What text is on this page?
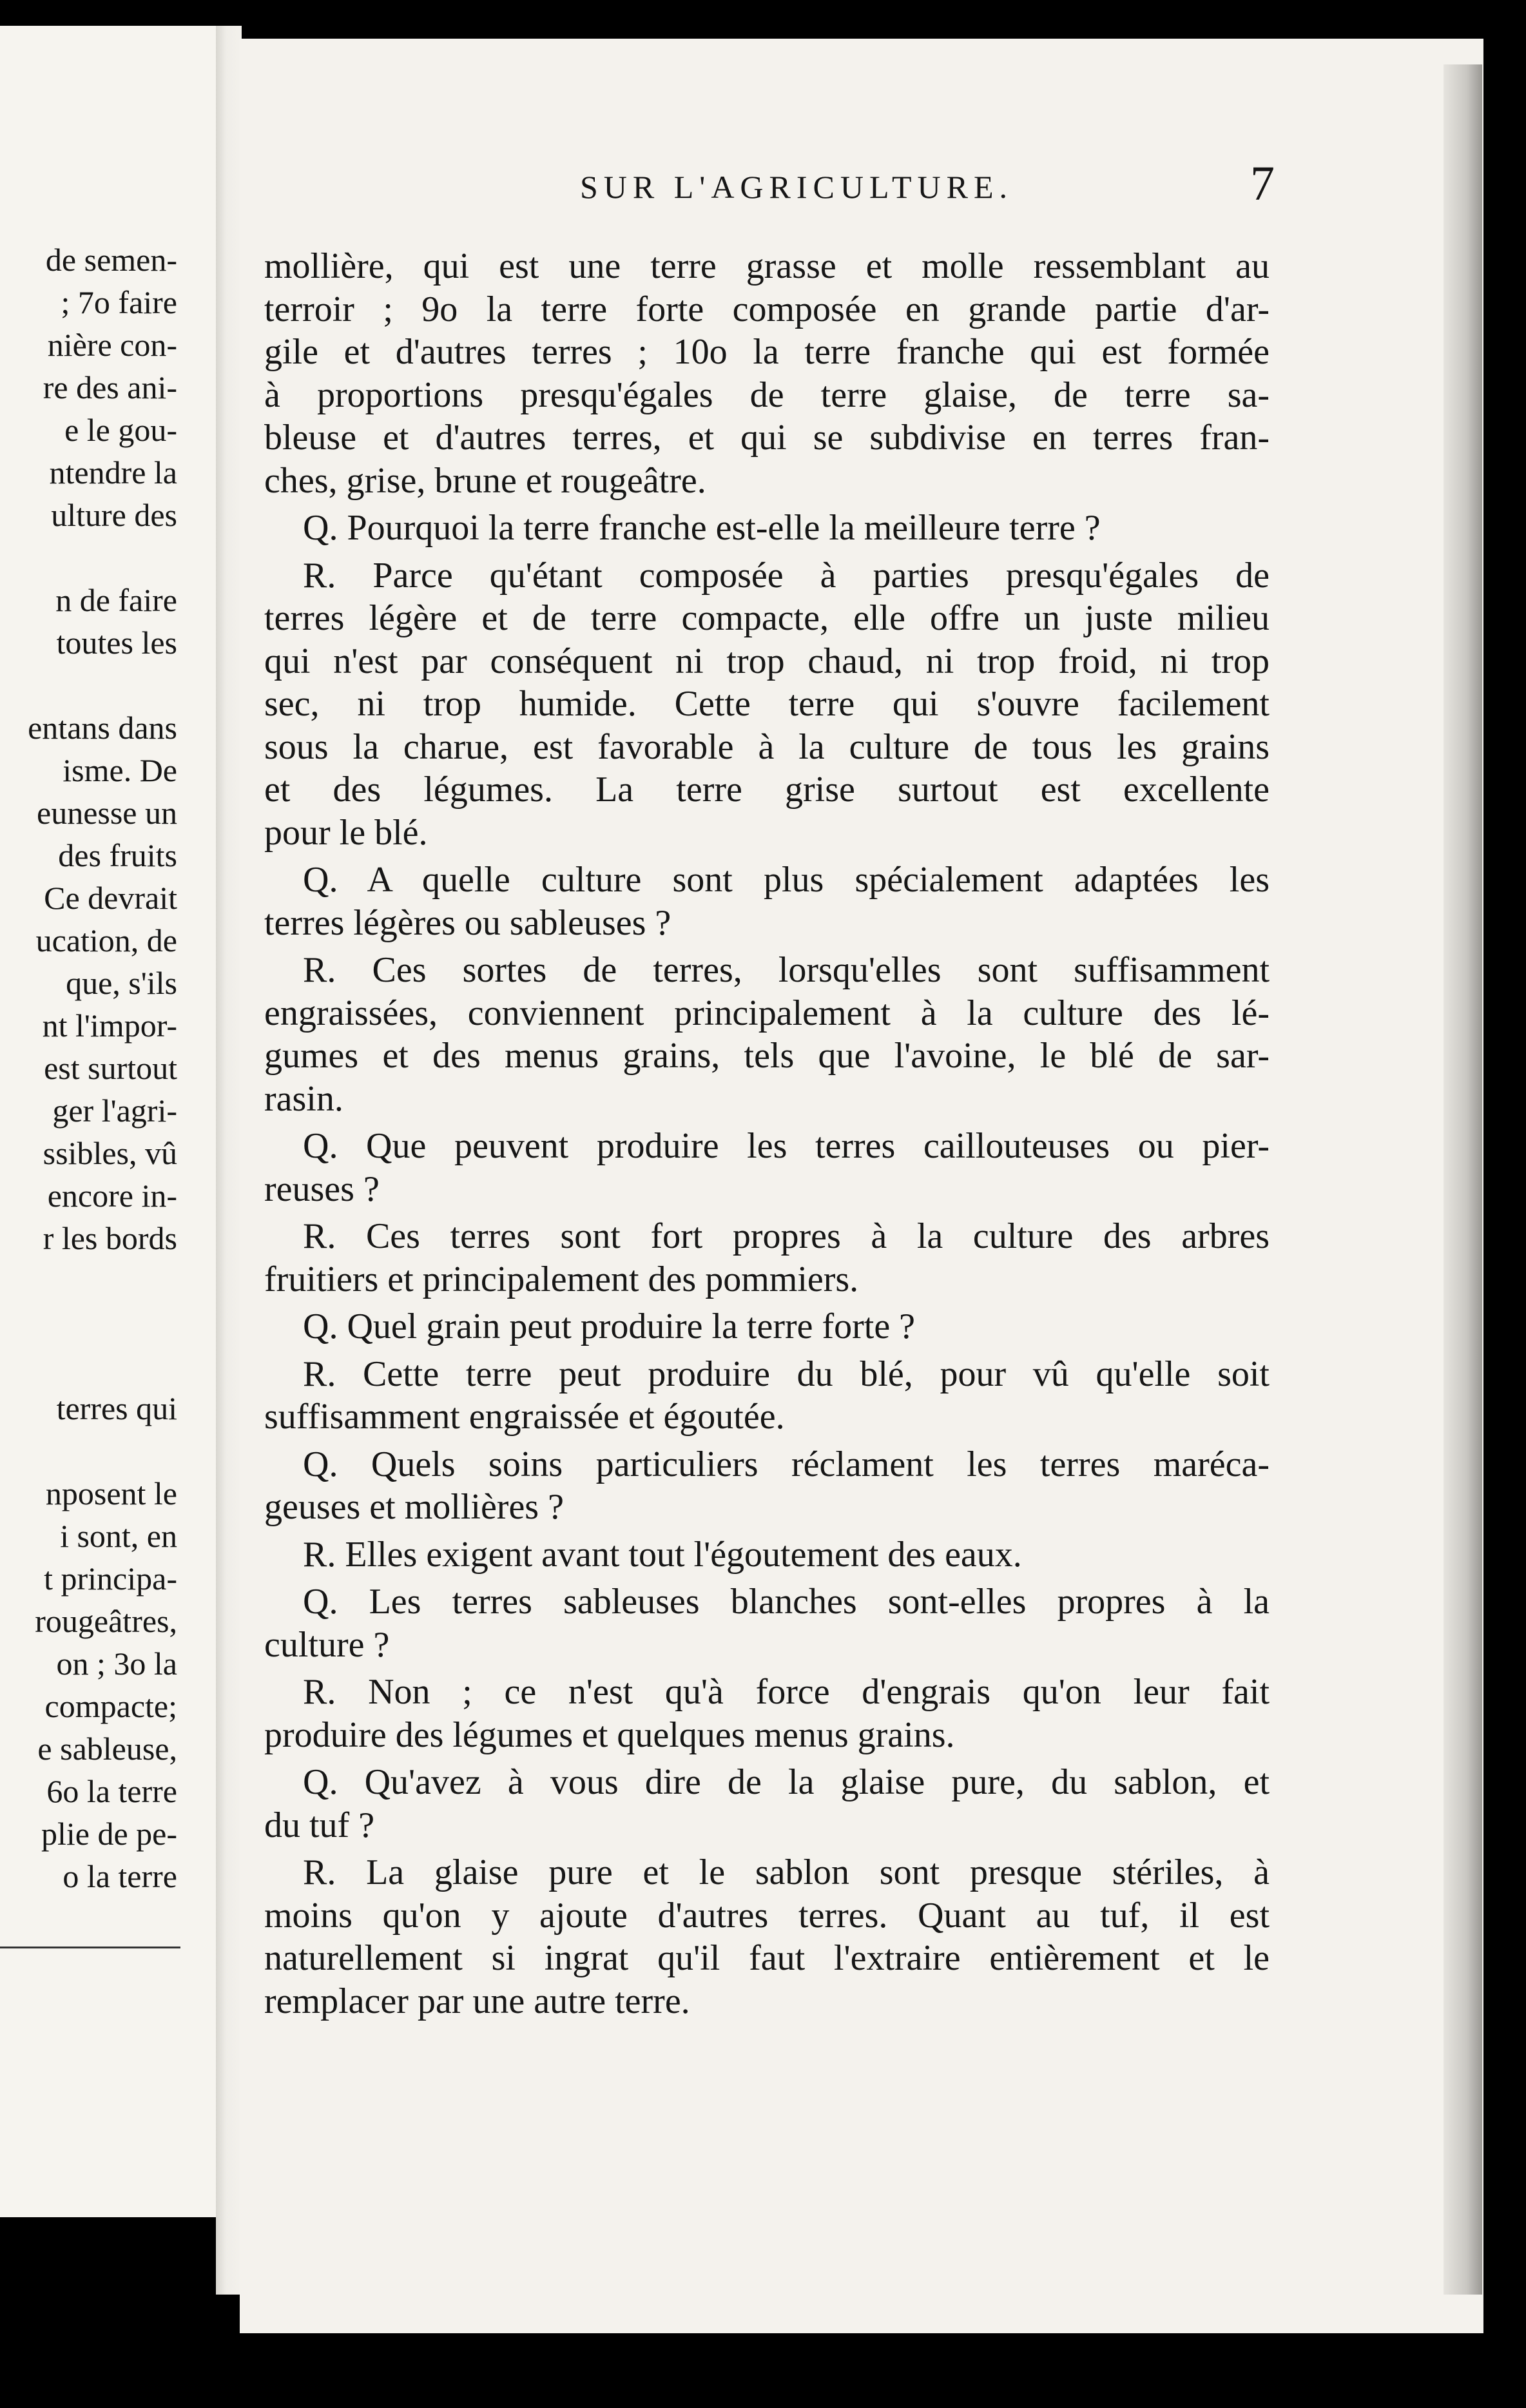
de semen-
; 7o faire
nière con-
re des ani-
e le gou-
ntendre la
ulture des
n de faire
toutes les
entans dans
isme. De
eunesse un
des fruits
Ce devrait
ucation, de
que, s'ils
nt l'impor-
est surtout
ger l'agri-
ssibles, vû
encore in-
r les bords
terres qui
nposent le
i sont, en
t principa-
rougeâtres,
on ; 3o la
compacte;
e sableuse,
6o la terre
plie de pe-
o la terre
SUR L'AGRICULTURE.	7
mollière, qui est une terre grasse et molle ressemblant au
terroir ; 9o la terre forte composée en grande partie d'ar-
gile et d'autres terres ; 10o la terre franche qui est formée
à proportions presqu'égales de terre glaise, de terre sa-
bleuse et d'autres terres, et qui se subdivise en terres fran-
ches, grise, brune et rougeâtre.
Q. Pourquoi la terre franche est-elle la meilleure terre ?
R. Parce qu'étant composée à parties presqu'égales de
terres légère et de terre compacte, elle offre un juste milieu
qui n'est par conséquent ni trop chaud, ni trop froid, ni trop
sec, ni trop humide. Cette terre qui s'ouvre facilement
sous la charue, est favorable à la culture de tous les grains
et des légumes. La terre grise surtout est excellente
pour le blé.
Q. A quelle culture sont plus spécialement adaptées les
terres légères ou sableuses ?
R. Ces sortes de terres, lorsqu'elles sont suffisamment
engraissées, conviennent principalement à la culture des lé-
gumes et des menus grains, tels que l'avoine, le blé de sar-
rasin.
Q. Que peuvent produire les terres caillouteuses ou pier-
reuses ?
R. Ces terres sont fort propres à la culture des arbres
fruitiers et principalement des pommiers.
Q. Quel grain peut produire la terre forte ?
R. Cette terre peut produire du blé, pour vû qu'elle soit
suffisamment engraissée et égoutée.
Q. Quels soins particuliers réclament les terres maréca-
geuses et mollières ?
R. Elles exigent avant tout l'égoutement des eaux.
Q. Les terres sableuses blanches sont-elles propres à la
culture ?
R. Non ; ce n'est qu'à force d'engrais qu'on leur fait
produire des légumes et quelques menus grains.
Q. Qu'avez à vous dire de la glaise pure, du sablon, et
du tuf ?
R. La glaise pure et le sablon sont presque stériles, à
moins qu'on y ajoute d'autres terres. Quant au tuf, il est
naturellement si ingrat qu'il faut l'extraire entièrement et le
remplacer par une autre terre.
